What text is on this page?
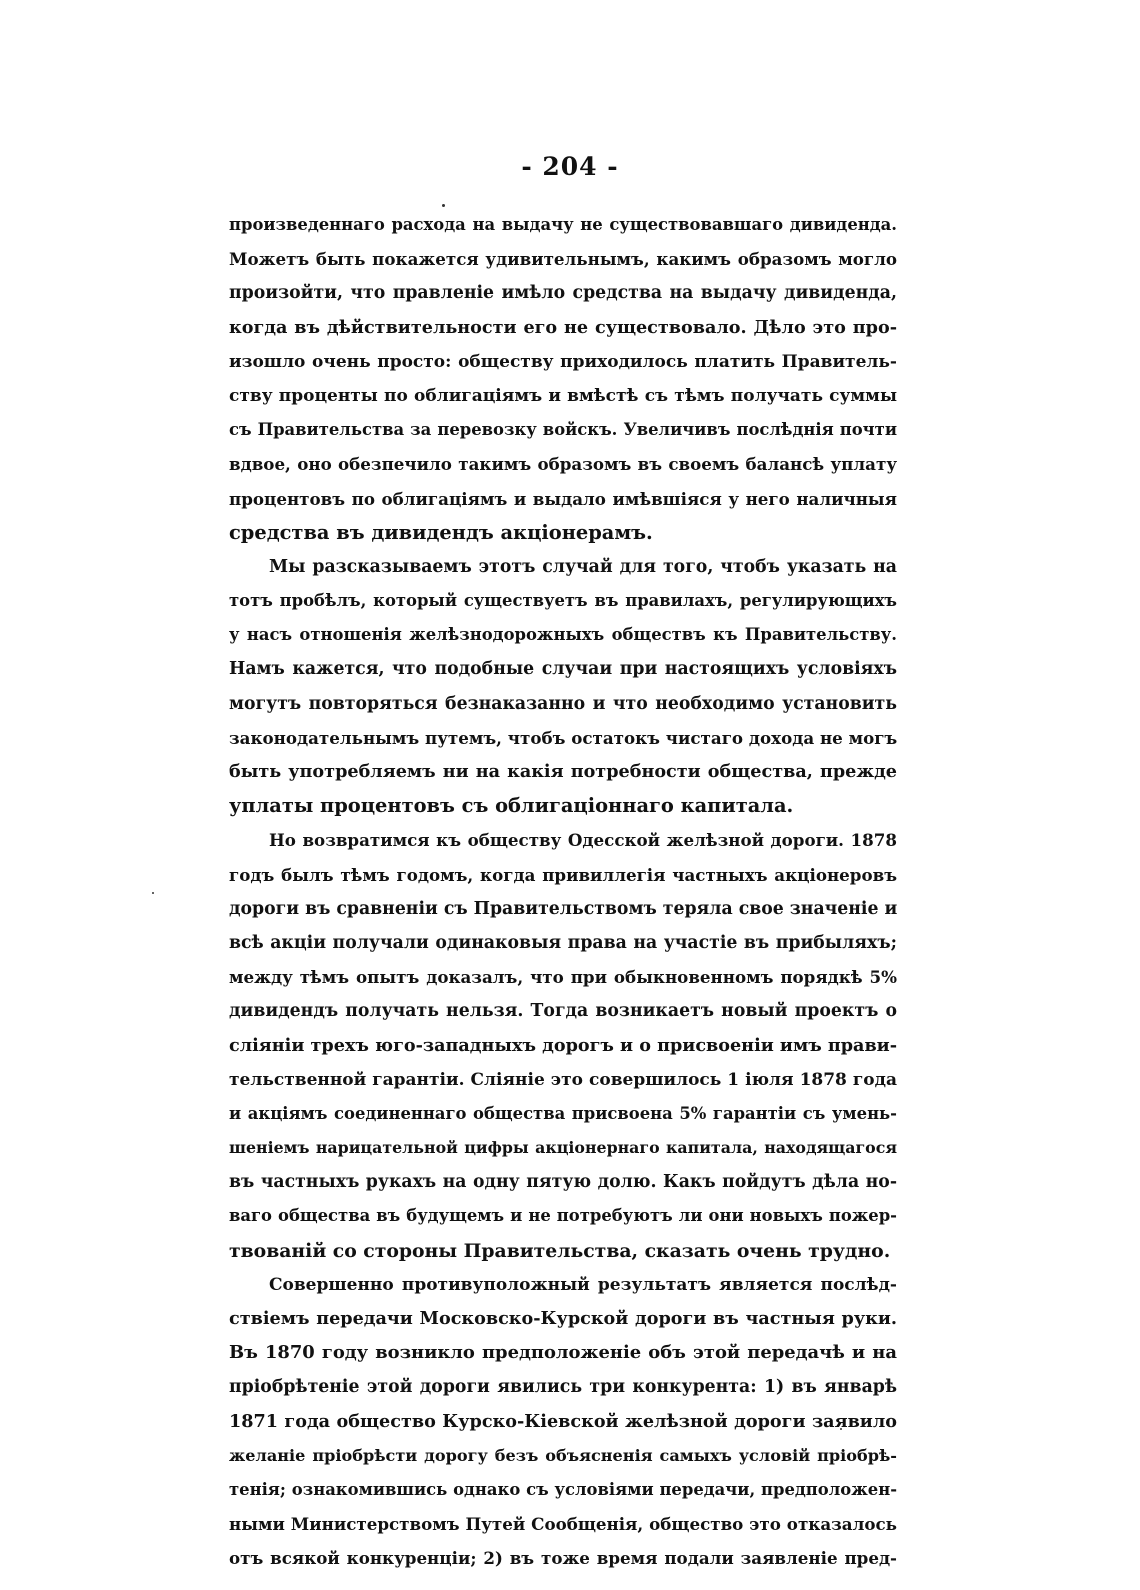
- 204 -
произведеннаго расхода на выдачу не существовавшаго дивиденда.
Можетъ быть покажется удивительнымъ, какимъ образомъ могло
произойти, что правленіе имѣло средства на выдачу дивиденда,
когда въ дѣйствительности его не существовало. Дѣло это про-
изошло очень просто: обществу приходилось платить Правитель-
ству проценты по облигаціямъ и вмѣстѣ съ тѣмъ получать суммы
съ Правительства за перевозку войскъ. Увеличивъ послѣднія почти
вдвое, оно обезпечило такимъ образомъ въ своемъ балансѣ уплату
процентовъ по облигаціямъ и выдало имѣвшіяся у него наличныя
средства въ дивидендъ акціонерамъ.
Мы разсказываемъ этотъ случай для того, чтобъ указать на
тотъ пробѣлъ, который существуетъ въ правилахъ, регулирующихъ
у насъ отношенія желѣзнодорожныхъ обществъ къ Правительству.
Намъ кажется, что подобные случаи при настоящихъ условіяхъ
могутъ повторяться безнаказанно и что необходимо установить
законодательнымъ путемъ, чтобъ остатокъ чистаго дохода не могъ
быть употребляемъ ни на какія потребности общества, прежде
уплаты процентовъ съ облигаціоннаго капитала.
Но возвратимся къ обществу Одесской желѣзной дороги. 1878
годъ былъ тѣмъ годомъ, когда привиллегія частныхъ акціонеровъ
дороги въ сравненіи съ Правительствомъ теряла свое значеніе и
всѣ акціи получали одинаковыя права на участіе въ прибыляхъ;
между тѣмъ опытъ доказалъ, что при обыкновенномъ порядкѣ 5%
дивидендъ получать нельзя. Тогда возникаетъ новый проектъ о
сліяніи трехъ юго-западныхъ дорогъ и о присвоеніи имъ прави-
тельственной гарантіи. Сліяніе это совершилось 1 іюля 1878 года
и акціямъ соединеннаго общества присвоена 5% гарантіи съ умень-
шеніемъ нарицательной цифры акціонернаго капитала, находящагося
въ частныхъ рукахъ на одну пятую долю. Какъ пойдутъ дѣла но-
ваго общества въ будущемъ и не потребуютъ ли они новыхъ пожер-
твованій со стороны Правительства, сказать очень трудно.
Совершенно противуположный результатъ является послѣд-
ствіемъ передачи Московско-Курской дороги въ частныя руки.
Въ 1870 году возникло предположеніе объ этой передачѣ и на
пріобрѣтеніе этой дороги явились три конкурента: 1) въ январѣ
1871 года общество Курско-Кіевской желѣзной дороги заявило
желаніе пріобрѣсти дорогу безъ объясненія самыхъ условій пріобрѣ-
тенія; ознакомившись однако съ условіями передачи, предположен-
ными Министерствомъ Путей Сообщенія, общество это отказалось
отъ всякой конкуренціи; 2) въ тоже время подали заявленіе пред-
